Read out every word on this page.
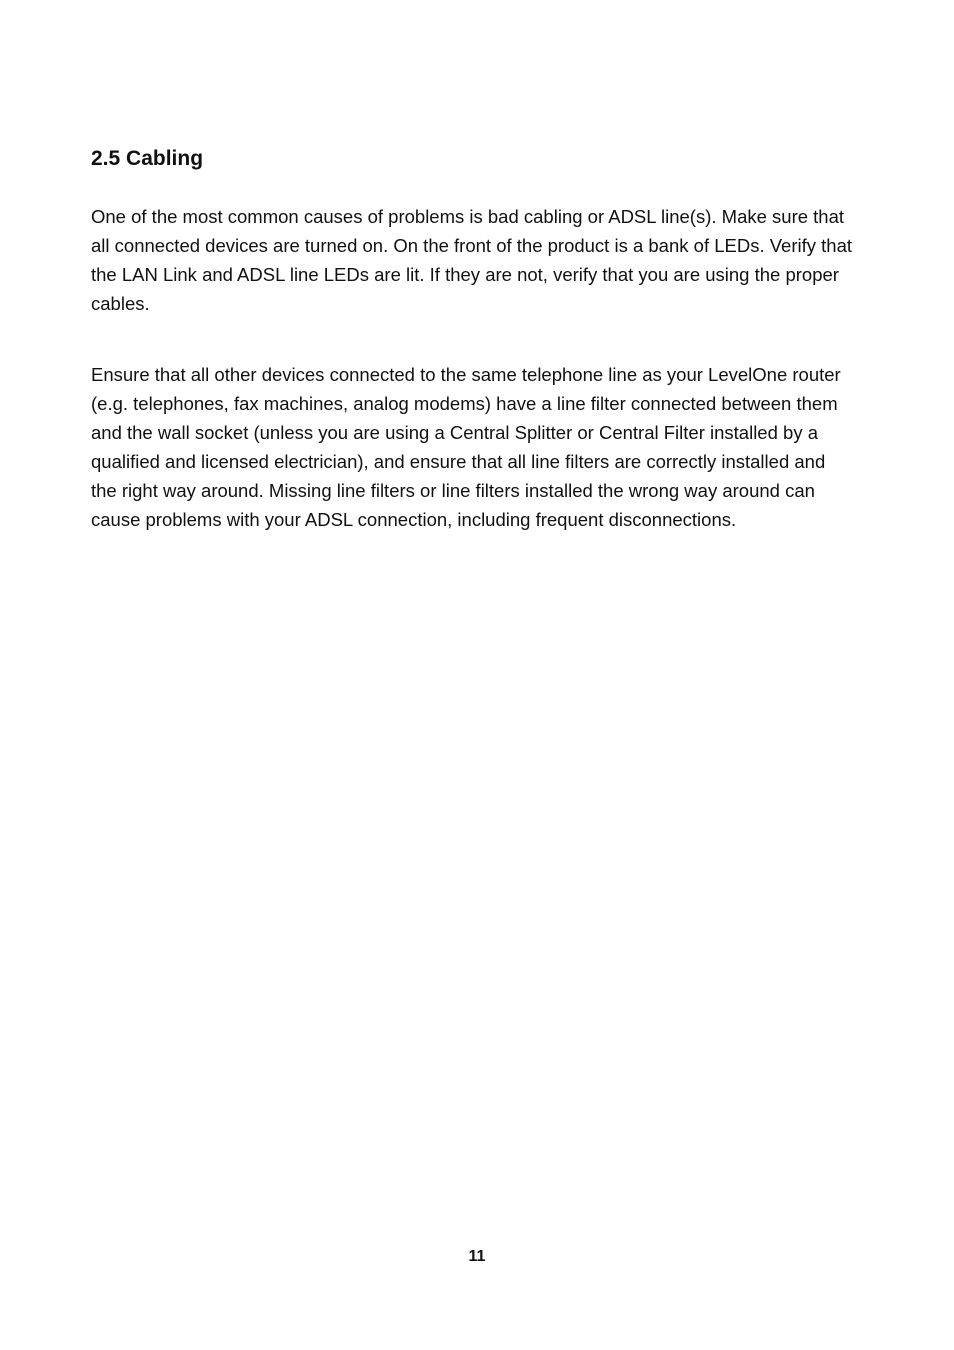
2.5 Cabling

One of the most common causes of problems is bad cabling or ADSL line(s). Make sure that
all connected devices are turned on. On the front of the product is a bank of LEDs. Verify that
the LAN Link and ADSL line LEDs are lit. If they are not, verify that you are using the proper
cables.

Ensure that all other devices connected to the same telephone line as your LevelOne router
(e.g. telephones, fax machines, analog modems) have a line filter connected between them
and the wall socket (unless you are using a Central Splitter or Central Filter installed by a
qualified and licensed electrician), and ensure that all line filters are correctly installed and
the right way around. Missing line filters or line filters installed the wrong way around can
cause problems with your ADSL connection, including frequent disconnections.

11
